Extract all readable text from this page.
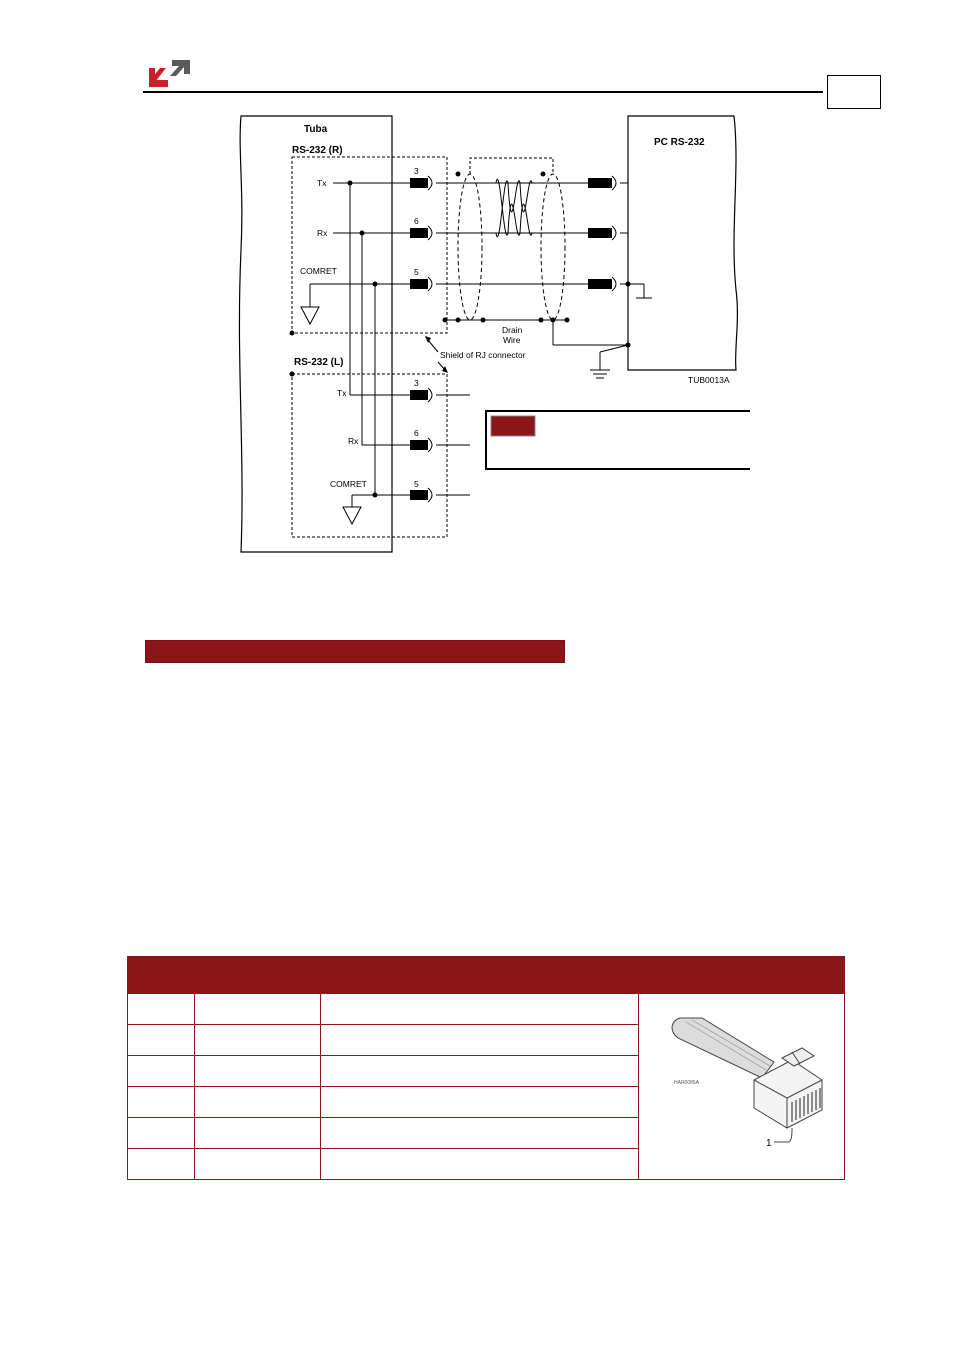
Tuba
RS-232 (R)
RS-232 (L)
PC RS-232
Tx
Rx
COMRET
Tx
Rx
COMRET
3
6
5
3
6
5
Drain
Wire
Shield of RJ connector
TUB0013A

HAR0085A
1
